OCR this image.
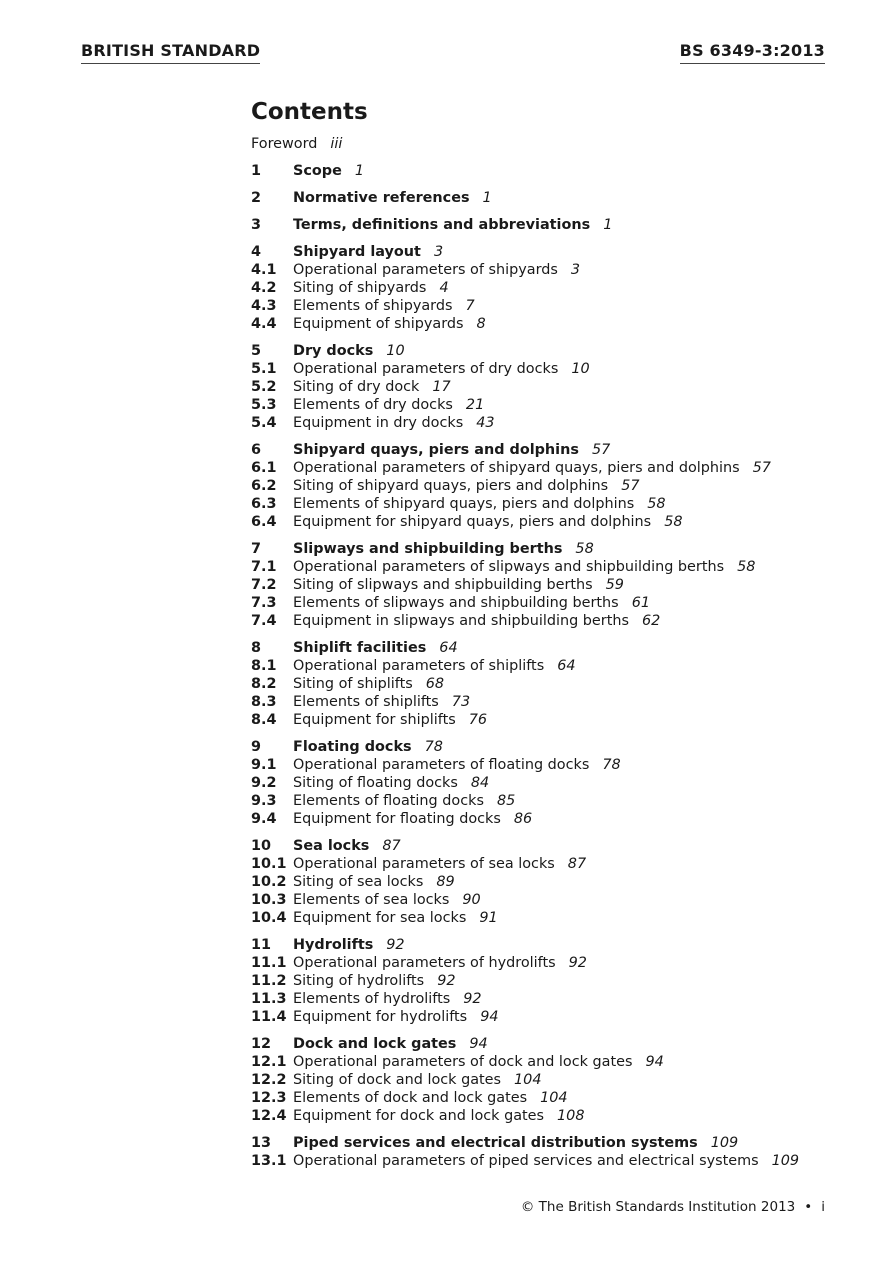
BRITISH STANDARD	BS 6349-3:2013
Contents
Foreword iii
1	Scope 1
2	Normative references 1
3	Terms, definitions and abbreviations 1
4	Shipyard layout 3
4.1	Operational parameters of shipyards 3
4.2	Siting of shipyards 4
4.3	Elements of shipyards 7
4.4	Equipment of shipyards 8
5	Dry docks 10
5.1	Operational parameters of dry docks 10
5.2	Siting of dry dock 17
5.3	Elements of dry docks 21
5.4	Equipment in dry docks 43
6	Shipyard quays, piers and dolphins 57
6.1	Operational parameters of shipyard quays, piers and dolphins 57
6.2	Siting of shipyard quays, piers and dolphins 57
6.3	Elements of shipyard quays, piers and dolphins 58
6.4	Equipment for shipyard quays, piers and dolphins 58
7	Slipways and shipbuilding berths 58
7.1	Operational parameters of slipways and shipbuilding berths 58
7.2	Siting of slipways and shipbuilding berths 59
7.3	Elements of slipways and shipbuilding berths 61
7.4	Equipment in slipways and shipbuilding berths 62
8	Shiplift facilities 64
8.1	Operational parameters of shiplifts 64
8.2	Siting of shiplifts 68
8.3	Elements of shiplifts 73
8.4	Equipment for shiplifts 76
9	Floating docks 78
9.1	Operational parameters of floating docks 78
9.2	Siting of floating docks 84
9.3	Elements of floating docks 85
9.4	Equipment for floating docks 86
10	Sea locks 87
10.1 Operational parameters of sea locks 87
10.2 Siting of sea locks 89
10.3 Elements of sea locks 90
10.4 Equipment for sea locks 91
11	Hydrolifts 92
11.1 Operational parameters of hydrolifts 92
11.2 Siting of hydrolifts 92
11.3 Elements of hydrolifts 92
11.4 Equipment for hydrolifts 94
12	Dock and lock gates 94
12.1 Operational parameters of dock and lock gates 94
12.2 Siting of dock and lock gates 104
12.3 Elements of dock and lock gates 104
12.4 Equipment for dock and lock gates 108
13	Piped services and electrical distribution systems 109
13.1 Operational parameters of piped services and electrical systems 109
© The British Standards Institution 2013 • i
